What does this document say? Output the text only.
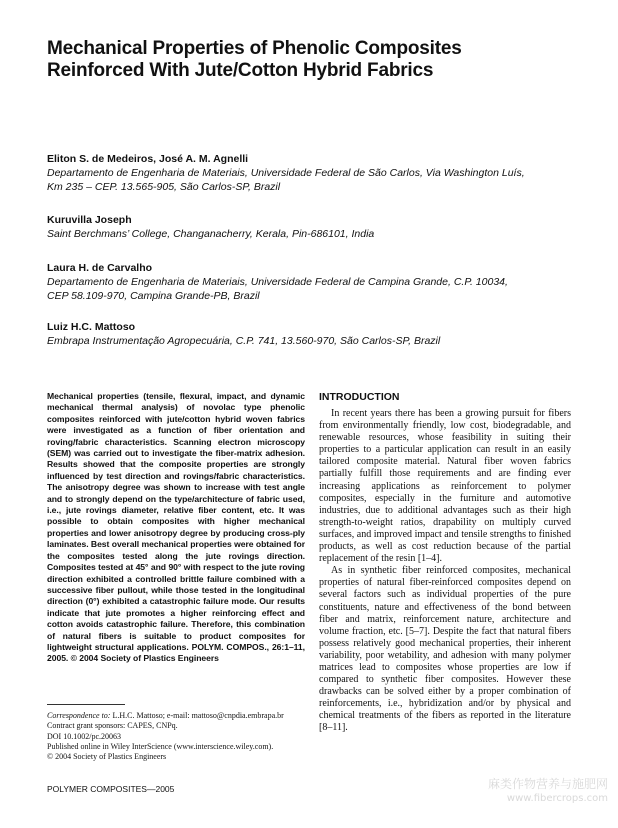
Mechanical Properties of Phenolic Composites
Reinforced With Jute/Cotton Hybrid Fabrics
Eliton S. de Medeiros, José A. M. Agnelli
Departamento de Engenharia de Materiais, Universidade Federal de São Carlos, Via Washington Luís,
Km 235 – CEP. 13.565-905, São Carlos-SP, Brazil
Kuruvilla Joseph
Saint Berchmans’ College, Changanacherry, Kerala, Pin-686101, India
Laura H. de Carvalho
Departamento de Engenharia de Materiais, Universidade Federal de Campina Grande, C.P. 10034,
CEP 58.109-970, Campina Grande-PB, Brazil
Luiz H.C. Mattoso
Embrapa Instrumentação Agropecuária, C.P. 741, 13.560-970, São Carlos-SP, Brazil
Mechanical properties (tensile, flexural, impact, and dynamic mechanical thermal analysis) of novolac type phenolic composites reinforced with jute/cotton hybrid woven fabrics were investigated as a function of fiber orientation and roving/fabric characteristics. Scanning electron microscopy (SEM) was carried out to investigate the fiber-matrix adhesion. Results showed that the composite properties are strongly influenced by test direction and rovings/fabric characteristics. The anisotropy degree was shown to increase with test angle and to strongly depend on the type/architecture of fabric used, i.e., jute rovings diameter, relative fiber content, etc. It was possible to obtain composites with higher mechanical properties and lower anisotropy degree by producing cross-ply laminates. Best overall mechanical properties were obtained for the composites tested along the jute rovings direction. Composites tested at 45° and 90° with respect to the jute roving direction exhibited a controlled brittle failure combined with a successive fiber pullout, while those tested in the longitudinal direction (0°) exhibited a catastrophic failure mode. Our results indicate that jute promotes a higher reinforcing effect and cotton avoids catastrophic failure. Therefore, this combination of natural fibers is suitable to product composites for lightweight structural applications. POLYM. COMPOS., 26:1–11, 2005. © 2004 Society of Plastics Engineers
Correspondence to: L.H.C. Mattoso; e-mail: mattoso@cnpdia.embrapa.br
Contract grant sponsors: CAPES, CNPq.
DOI 10.1002/pc.20063
Published online in Wiley InterScience (www.interscience.wiley.com).
© 2004 Society of Plastics Engineers
INTRODUCTION

In recent years there has been a growing pursuit for fibers from environmentally friendly, low cost, biodegradable, and renewable resources, whose feasibility in suiting their properties to a particular application can result in an easily tailored composite material. Natural fiber woven fabrics partially fulfill those requirements and are finding ever increasing applications as reinforcement to polymer composites, especially in the furniture and automotive industries, due to additional advantages such as their high strength-to-weight ratios, drapability on multiply curved surfaces, and improved impact and tensile strengths to finished products, as well as cost reduction because of the partial replacement of the resin [1–4].

As in synthetic fiber reinforced composites, mechanical properties of natural fiber-reinforced composites depend on several factors such as individual properties of the pure constituents, nature and effectiveness of the bond between fiber and matrix, reinforcement nature, architecture and volume fraction, etc. [5–7]. Despite the fact that natural fibers possess relatively good mechanical properties, their inherent variability, poor wetability, and adhesion with many polymer matrices lead to composites whose properties are low if compared to synthetic fiber composites. However these drawbacks can be solved either by a proper combination of reinforcements, i.e., hybridization and/or by physical and chemical treatments of the fibers as reported in the literature [8–11].

POLYMER COMPOSITES—2005	麻类作物营养与施肥网
www.fibercrops.com
